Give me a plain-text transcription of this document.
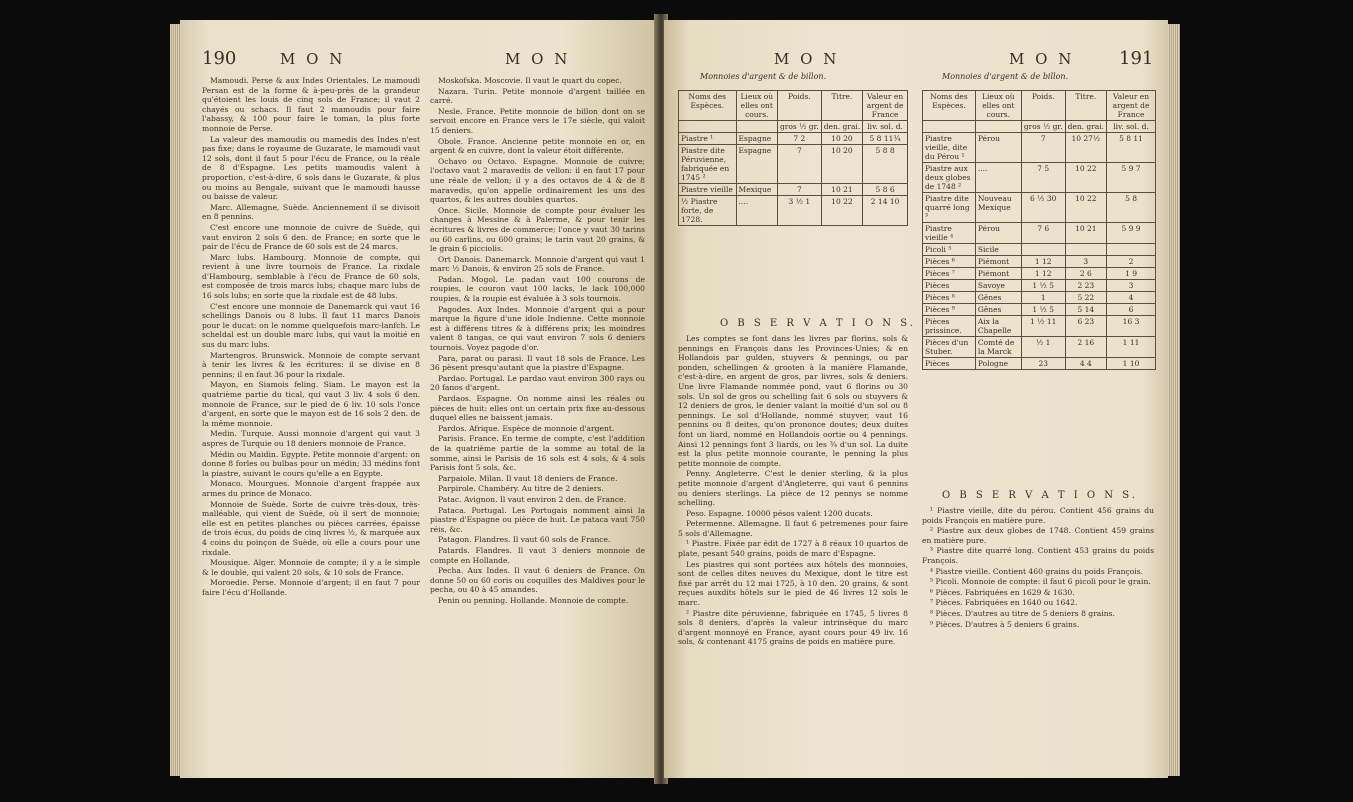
190	M O N	M O N

Mamoudi. Perse & aux Indes Orientales. Le mamoudi Persan est de la forme & à-peu-près de la grandeur qu'étoient les louis de cinq sols de France; il vaut 2 chayés ou schacs. Il faut 2 mamoudis pour faire l'abassy, & 100 pour faire le toman, la plus forte monnoie de Perse.

La valeur des mamoudis ou mamedis des Indes n'est pas fixe; dans le royaume de Guzarate, le mamoudi vaut 12 sols, dont il faut 5 pour l'écu de France, ou la réale de 8 d'Espagne. Les petits mamoudis valent à proportion, c'est-à-dire, 6 sols dans le Guzarate, & plus ou moins au Bengale, suivant que le mamoudi hausse ou baisse de valeur.

Marc. Allemagne, Suède. Anciennement il se divisoit en 8 pennins.

C'est encore une monnoie de cuivre de Suède, qui vaut environ 2 sols 6 den. de France; en sorte que le pair de l'écu de France de 60 sols est de 24 marcs.

Marc lubs. Hambourg. Monnoie de compte, qui revient à une livre tournois de France. La rixdale d'Hambourg, semblable à l'écu de France de 60 sols, est composée de trois marcs lubs; chaque marc lubs de 16 sols lubs; en sorte que la rixdale est de 48 lubs.

C'est encore une monnoie de Danemarck qui vaut 16 schellings Danois ou 8 lubs. Il faut 11 marcs Danois pour le ducat: on le nomme quelquefois marc-lanfch. Le scheldal est un double marc lubs, qui vaut la moitié en sus du marc lubs.

Martengros. Brunswick. Monnoie de compte servant à tenir les livres & les écritures: il se divise en 8 pennins; il en faut 36 pour la rixdale.

Mayon, en Siamois feling. Siam. Le mayon est la quatrième partie du tical, qui vaut 3 liv. 4 sols 6 den. monnoie de France, sur le pied de 6 liv. 10 sols l'once d'argent, en sorte que le mayon est de 16 sols 2 den. de la même monnoie.

Medin. Turquie. Aussi monnoie d'argent qui vaut 3 aspres de Turquie ou 18 deniers monnoie de France.

Médin ou Maidin. Egypte. Petite monnoie d'argent: on donne 8 forles ou bulbas pour un médin; 33 médins font la piastre, suivant le cours qu'elle a en Egypte.

Monaco. Mourgues. Monnoie d'argent frappée aux armes du prince de Monaco.

Monnoie de Suède. Sorte de cuivre très-doux, très-malléable, qui vient de Suède, où il sert de monnoie; elle est en petites planches ou pièces carrées, épaisse de trois écus, du poids de cinq livres ½, & marquée aux 4 coins du poinçon de Suède, où elle a cours pour une rixdale.

Mousique. Alger. Monnoie de compte; il y a le simple & le double, qui valent 20 sols, & 10 sols de France.

Moroedie. Perse. Monnoie d'argent; il en faut 7 pour faire l'écu d'Hollande.

Moskofska. Moscovie. Il vaut le quart du copec.

Nazara. Turin. Petite monnoie d'argent taillée en carré.

Nesle. France. Petite monnoie de billon dont on se servoit encore en France vers le 17e siècle, qui valoit 15 deniers.

Obole. France. Ancienne petite monnoie en or, en argent & en cuivre, dont la valeur étoit différente.

Ochavo ou Octavo. Espagne. Monnoie de cuivre; l'octavo vaut 2 maravedis de vellon: il en faut 17 pour une réale de vellon; il y a des octavos de 4 & de 8 maravedis, qu'on appelle ordinairement les uns des quartos, & les autres doubles quartos.

Once. Sicile. Monnoie de compte pour évaluer les changes à Messine & à Palerme, & pour tenir les écritures & livres de commerce; l'once y vaut 30 tarins ou 60 carlins, ou 600 grains; le tarin vaut 20 grains, & le grain 6 picciolis.

Ort Danois. Danemarck. Monnoie d'argent qui vaut 1 marc ½ Danois, & environ 25 sols de France.

Padan. Mogol. Le padan vaut 100 courons de roupies, le couron vaut 100 lacks, le lack 100,000 roupies, & la roupie est évaluée à 3 sols tournois.

Pagodes. Aux Indes. Monnoie d'argent qui a pour marque la figure d'une idole Indienne. Cette monnoie est à différens titres & à différens prix; les moindres valent 8 tangas, ce qui vaut environ 7 sols 6 deniers tournois. Voyez pagode d'or.

Para, parat ou parasi. Il vaut 18 sols de France. Les 36 pèsent presqu'autant que la piastre d'Espagne.

Pardao. Portugal. Le pardao vaut environ 300 rays ou 20 fanos d'argent.

Pardaos. Espagne. On nomme ainsi les réales ou pièces de huit: elles ont un certain prix fixe au-dessous duquel elles ne baissent jamais.

Pardos. Afrique. Espèce de monnoie d'argent.

Parisis. France. En terme de compte, c'est l'addition de la quatrième partie de la somme au total de la somme, ainsi le Parisis de 16 sols est 4 sols, & 4 sols Parisis font 5 sols, &c.

Parpaiole. Milan. Il vaut 18 deniers de France.

Parpirole. Chambéry. Au titre de 2 deniers.

Patac. Avignon. Il vaut environ 2 den. de France.

Pataca. Portugal. Les Portugais nomment ainsi la piastre d'Espagne ou pièce de huit. Le pataca vaut 750 réis, &c.

Patagon. Flandres. Il vaut 60 sols de France.

Patards. Flandres. Il vaut 3 deniers monnoie de compte en Hollande.

Pecha. Aux Indes. Il vaut 6 deniers de France. On donne 50 ou 60 coris ou coquilles des Maldives pour le pecha, ou 40 à 45 amandes.

Penin ou penning. Hollande. Monnoie de compte.

M O N	M O N 191
Monnoies d'argent & de billon.	Monnoies d'argent & de billon.
Noms des Espèces.	Lieux où elles ont cours.	Poids.	Titre.	Valeur en argent de France
		gros ½ gr.	den. grai.	liv. sol. d.
Piastre ¹	Espagne	7 2	10 20	5 8 11¾
Piastre dite Péruvienne, fabriquée en 1745 ²	Espagne	7	10 20	5 8 8
Piastre vieille	Mexique	7	10 21	5 8 6
½ Piastre forte, de 1728.	....	3 ½ 1	10 22	2 14 10
Noms des Espèces.	Lieux où elles ont cours.	Poids.	Titre.	Valeur en argent de France
		gros ½ gr.	den. grai.	liv. sol. d.
Piastre vieille, dite du Pérou ¹	Pérou	7	10 27½	5 8 11
Piastre aux deux globes de 1748 ²	....	7 5	10 22	5 9 7
Piastre dite quarré long ³	Nouveau Mexique	6 ½ 30	10 22	5 8
Piastre vieille ⁴	Pérou	7 6	10 21	5 9 9
Picoli ⁵	Sicile			
Pièces ⁶	Piémont	1 12	3	2
Pièces ⁷	Piémont	1 12	2 6	1 9
Pièces	Savoye	1 ½ 5	2 23	3
Pièces ⁸	Gênes	1	5 22	4
Pièces ⁹	Gênes	1 ½ 5	5 14	6
Pièces prissince.	Aix la Chapelle	1 ½ 11	6 23	16 3
Pièces d'un Stuber.	Comté de la Marck	½ 1	2 16	1 11
Pièces	Pologne	23	4 4	1 10
O B S E R V A T I O N S.
O B S E R V A T I O N S.

Les comptes se font dans les livres par florins, sols & pennings en François dans les Provinces-Unies; & en Hollandois par gulden, stuyvers & pennings, ou par ponden, schellingen & grooten à la manière Flamande, c'est-à-dire, en argent de gros, par livres, sols & deniers. Une livre Flamande nommée pond, vaut 6 florins ou 30 sols. Un sol de gros ou schelling fait 6 sols ou stuyvers & 12 deniers de gros, le denier valant la moitié d'un sol ou 8 pennings. Le sol d'Hollande, nommé stuyver, vaut 16 pennins ou 8 deites, qu'on prononce doutes; deux duites font un liard, nommé en Hollandois oortie ou 4 pennings. Ainsi 12 pennings font 3 liards, ou les ¾ d'un sol. La duite est la plus petite monnoie courante, le penning la plus petite monnoie de compte.

Penny. Angleterre. C'est le denier sterling, & la plus petite monnoie d'argent d'Angleterre, qui vaut 6 pennins ou deniers sterlings. La pièce de 12 pennys se nomme schelling.

Peso. Espagne. 10000 pésos valent 1200 ducats.

Petermenne. Allemagne. Il faut 6 petremenes pour faire 5 sols d'Allemagne.

¹ Piastre. Fixée par édit de 1727 à 8 réaux 10 quartos de plate, pesant 540 grains, poids de marc d'Espagne.

Les piastres qui sont portées aux hôtels des monnoies, sont de celles dites neuves du Mexique, dont le titre est fixé par arrêt du 12 mai 1725, à 10 den. 20 grains, & sont reçues auxdits hôtels sur le pied de 46 livres 12 sols le marc.

² Piastre dite péruvienne, fabriquée en 1745, 5 livres 8 sols 8 deniers, d'après la valeur intrinsèque du marc d'argent monnoyé en France, ayant cours pour 49 liv. 16 sols, & contenant 4175 grains de poids en matière pure.

¹ Piastre vieille, dite du pérou. Contient 456 grains du poids François en matière pure.

² Piastre aux deux globes de 1748. Contient 459 grains en matière pure.

³ Piastre dite quarré long. Contient 453 grains du poids François.

⁴ Piastre vieille. Contient 460 grains du poids François.

⁵ Picoli. Monnoie de compte: il faut 6 picoli pour le grain.

⁶ Pièces. Fabriquées en 1629 & 1630.

⁷ Pièces. Fabriquées en 1640 ou 1642.

⁸ Pièces. D'autres au titre de 5 deniers 8 grains.

⁹ Pièces. D'autres à 5 deniers 6 grains.
